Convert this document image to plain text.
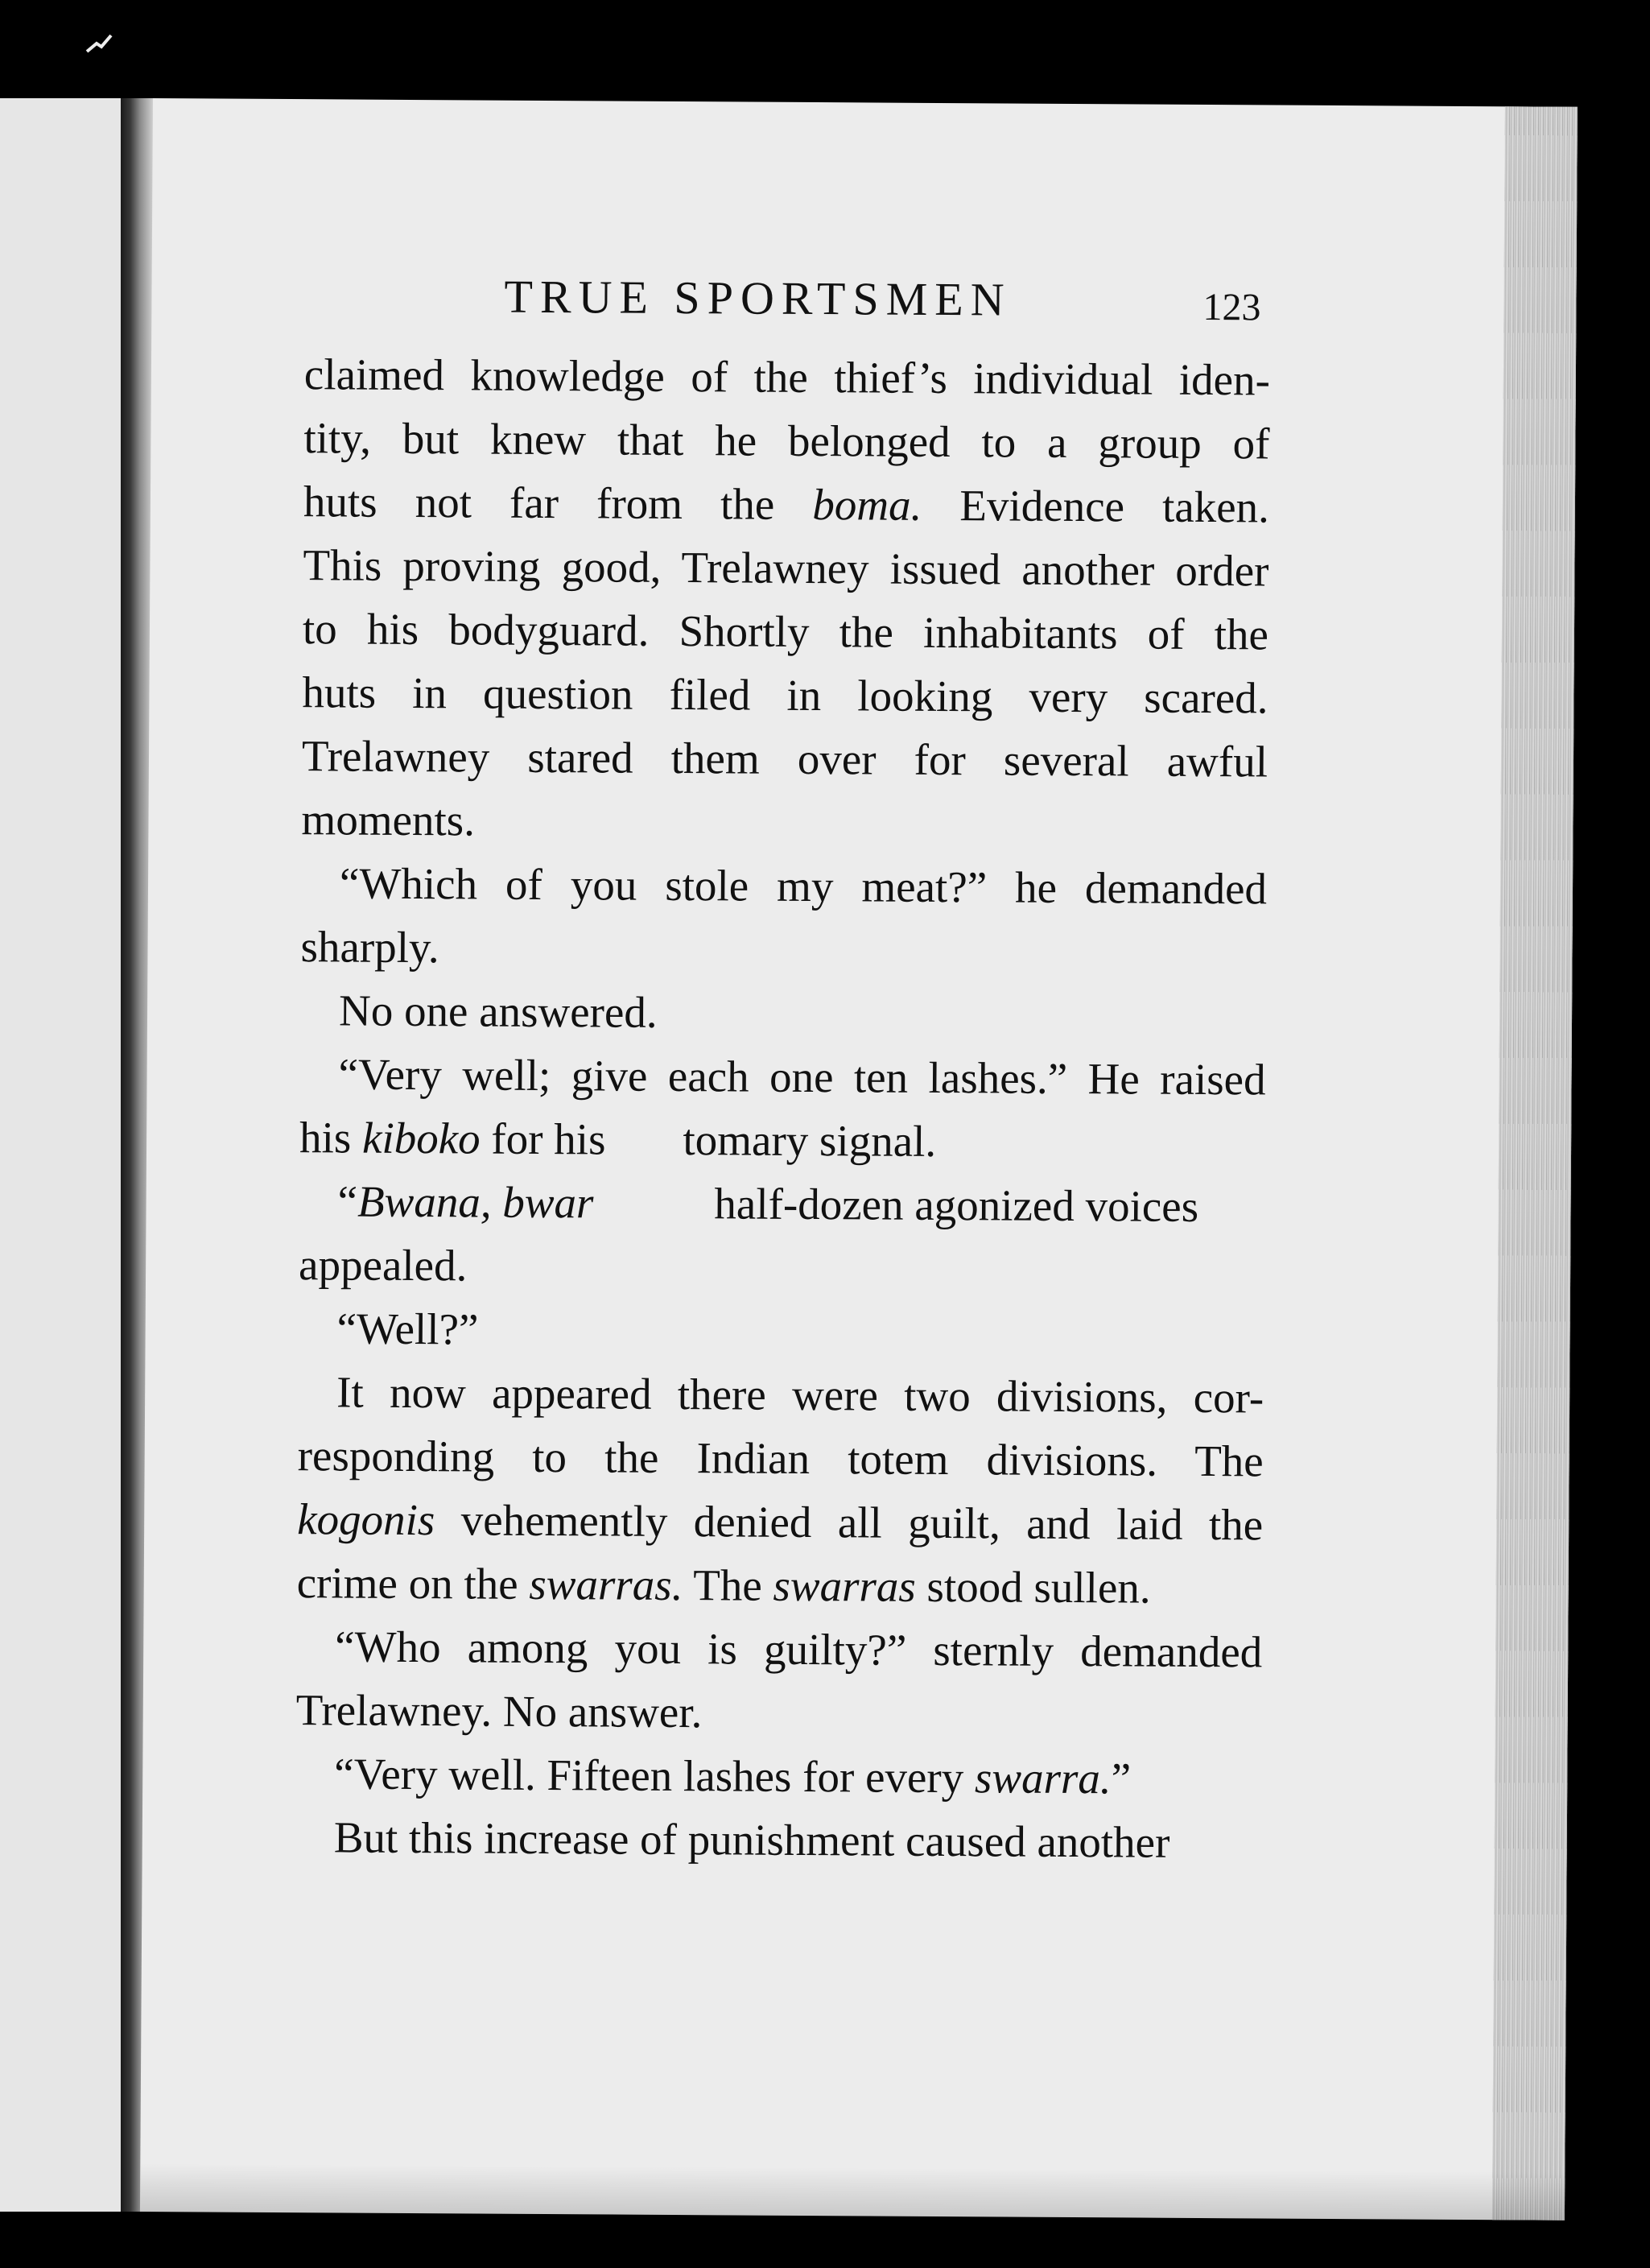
TRUE SPORTSMEN	123
claimed knowledge of the thief’s individual iden-
tity, but knew that he belonged to a group of
huts not far from the boma. Evidence taken.
This proving good, Trelawney issued another order
to his bodyguard. Shortly the inhabitants of the
huts in question filed in looking very scared.
Trelawney stared them over for several awful
moments.
“Which of you stole my meat?” he demanded
sharply.
No one answered.
“Very well; give each one ten lashes.” He raised
his kiboko for his tomary signal.
“Bwana, bwar	half-dozen agonized voices
appealed.
“Well?”
It now appeared there were two divisions, cor-
responding to the Indian totem divisions. The
kogonis vehemently denied all guilt, and laid the
crime on the swarras. The swarras stood sullen.
“Who among you is guilty?” sternly demanded
Trelawney. No answer.
“Very well. Fifteen lashes for every swarra.”
But this increase of punishment caused another
